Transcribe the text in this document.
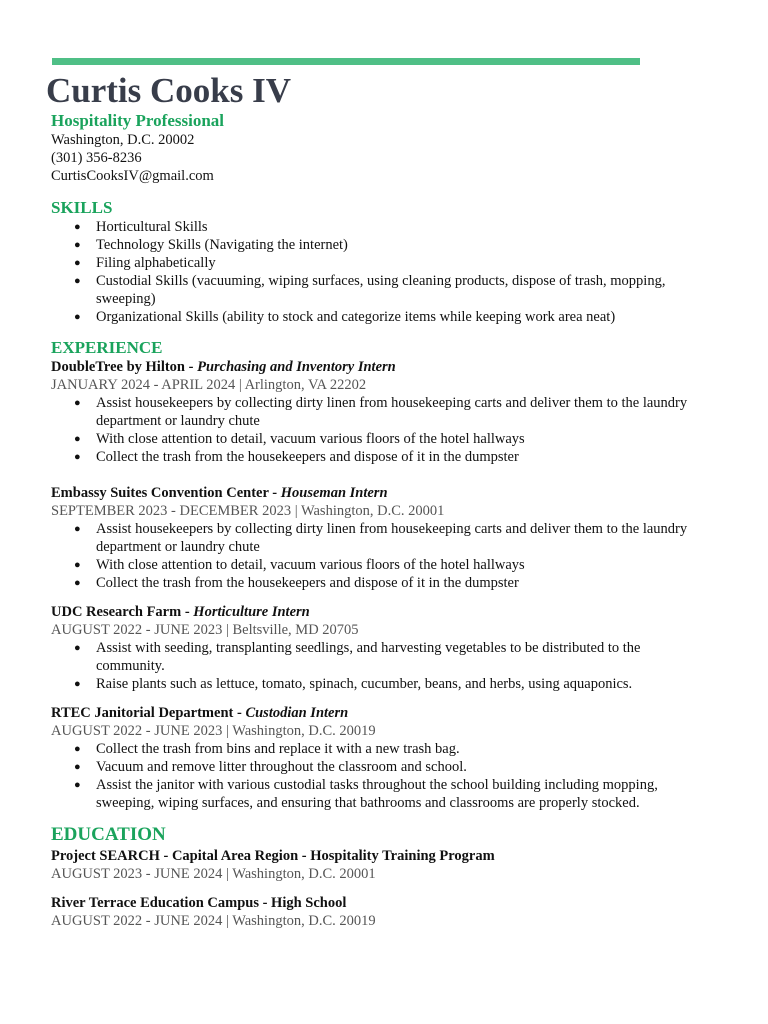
Curtis Cooks IV

Hospitality Professional

Washington, D.C. 20002

(301) 356-8236

CurtisCooksIV@gmail.com

SKILLS
● Horticultural Skills
● Technology Skills (Navigating the internet)
● Filing alphabetically
● Custodial Skills (vacuuming, wiping surfaces, using cleaning products, dispose of trash, mopping, sweeping)
● Organizational Skills (ability to stock and categorize items while keeping work area neat)
EXPERIENCE

DoubleTree by Hilton - Purchasing and Inventory Intern

JANUARY 2024 - APRIL 2024 | Arlington, VA 22202

● Assist housekeepers by collecting dirty linen from housekeeping carts and deliver them to the laundry department or laundry chute
● With close attention to detail, vacuum various floors of the hotel hallways
● Collect the trash from the housekeepers and dispose of it in the dumpster

Embassy Suites Convention Center - Houseman Intern

SEPTEMBER 2023 - DECEMBER 2023 | Washington, D.C. 20001

● Assist housekeepers by collecting dirty linen from housekeeping carts and deliver them to the laundry department or laundry chute
● With close attention to detail, vacuum various floors of the hotel hallways
● Collect the trash from the housekeepers and dispose of it in the dumpster

UDC Research Farm - Horticulture Intern

AUGUST 2022 - JUNE 2023 | Beltsville, MD 20705

● Assist with seeding, transplanting seedlings, and harvesting vegetables to be distributed to the community.
● Raise plants such as lettuce, tomato, spinach, cucumber, beans, and herbs, using aquaponics.

RTEC Janitorial Department - Custodian Intern

AUGUST 2022 - JUNE 2023 | Washington, D.C. 20019

● Collect the trash from bins and replace it with a new trash bag.
● Vacuum and remove litter throughout the classroom and school.
● Assist the janitor with various custodial tasks throughout the school building including mopping, sweeping, wiping surfaces, and ensuring that bathrooms and classrooms are properly stocked.
EDUCATION

Project SEARCH - Capital Area Region - Hospitality Training Program

AUGUST 2023 - JUNE 2024 | Washington, D.C. 20001

River Terrace Education Campus - High School

AUGUST 2022 - JUNE 2024 | Washington, D.C. 20019
